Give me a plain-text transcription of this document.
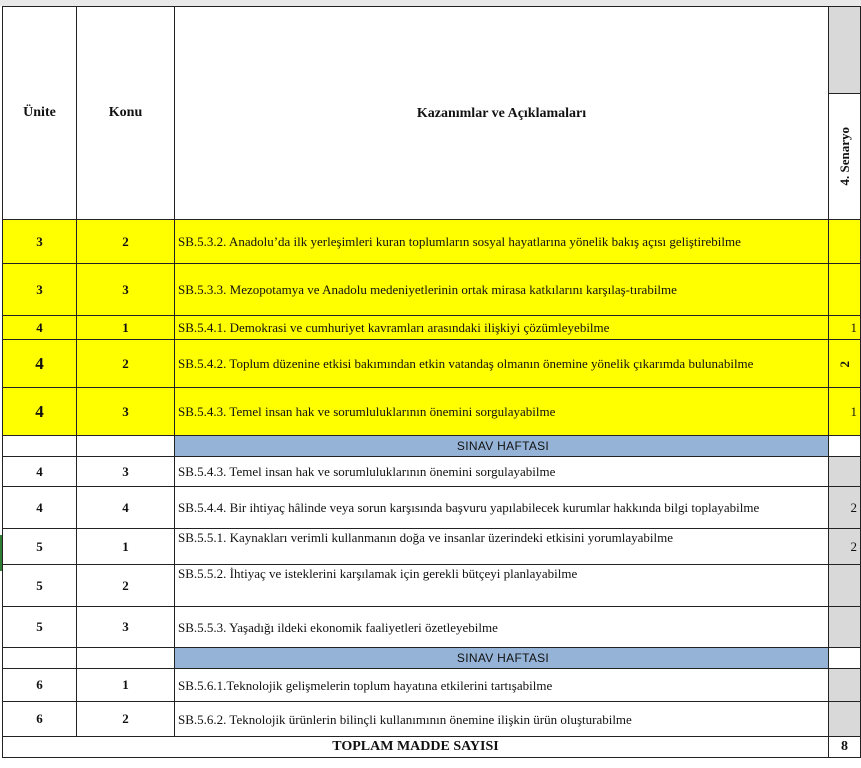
Ünite	Konu	Kazanımlar ve Açıklamaları	4. Senaryo

3	2	SB.5.3.2. Anadolu’da ilk yerleşimleri kuran toplumların sosyal hayatlarına yönelik bakış açısı geliştirebilme	
3	3	SB.5.3.3. Mezopotamya ve Anadolu medeniyetlerinin ortak mirasa katkılarını karşılaş-tırabilme	
4	1	SB.5.4.1. Demokrasi ve cumhuriyet kavramları arasındaki ilişkiyi çözümleyebilme	1
4	2	SB.5.4.2. Toplum düzenine etkisi bakımından etkin vatandaş olmanın önemine yönelik çıkarımda bulunabilme	2
4	3	SB.5.4.3. Temel insan hak ve sorumluluklarının önemini sorgulayabilme	1
		SINAV HAFTASI	
4	3	SB.5.4.3. Temel insan hak ve sorumluluklarının önemini sorgulayabilme	
4	4	SB.5.4.4. Bir ihtiyaç hâlinde veya sorun karşısında başvuru yapılabilecek kurumlar hakkında bilgi toplayabilme	2
5	1	SB.5.5.1. Kaynakları verimli kullanmanın doğa ve insanlar üzerindeki etkisini yorumlayabilme	2
5	2	SB.5.5.2. İhtiyaç ve isteklerini karşılamak için gerekli bütçeyi planlayabilme	
5	3	SB.5.5.3. Yaşadığı ildeki ekonomik faaliyetleri özetleyebilme	
		SINAV HAFTASI	
6	1	SB.5.6.1.Teknolojik gelişmelerin toplum hayatına etkilerini tartışabilme	
6	2	SB.5.6.2. Teknolojik ürünlerin bilinçli kullanımının önemine ilişkin ürün oluşturabilme	
TOPLAM MADDE SAYISI			8
